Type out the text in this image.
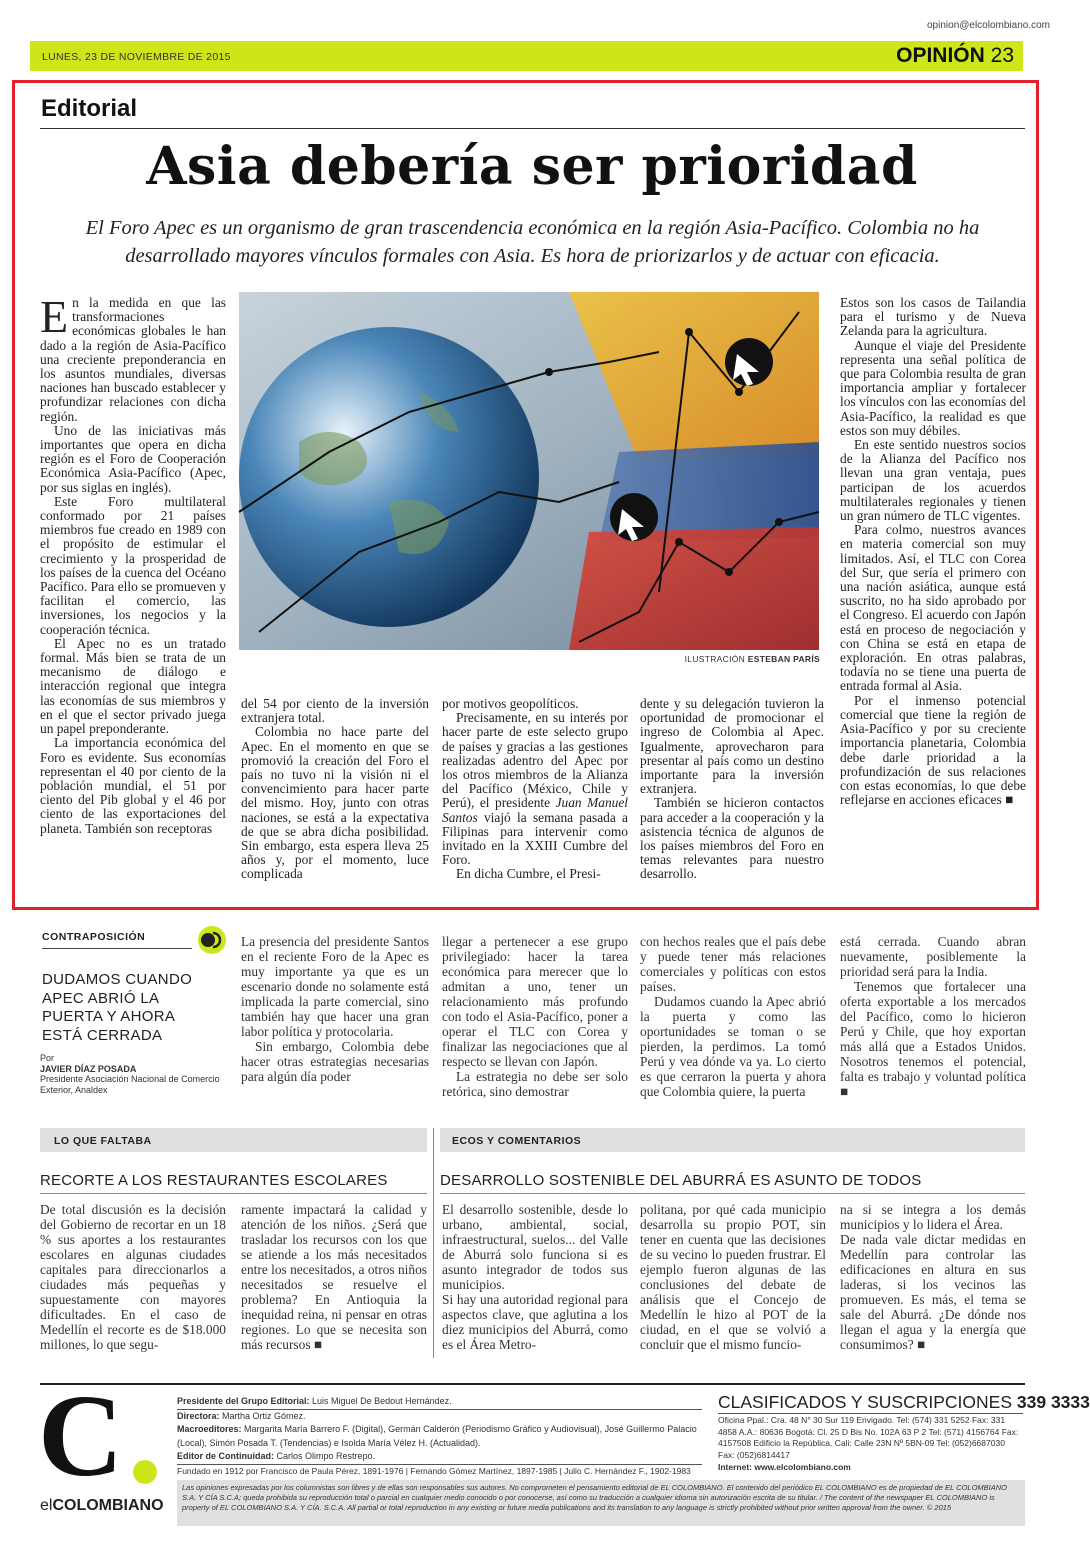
opinion@elcolombiano.com
LUNES, 23 DE NOVIEMBRE DE 2015	OPINIÓN 23
Editorial
Asia debería ser prioridad
El Foro Apec es un organismo de gran trascendencia económica en la región Asia-Pacífico. Colombia no ha desarrollado mayores vínculos formales con Asia. Es hora de priorizarlos y de actuar con eficacia.

En la medida en que las transformaciones económicas globales le han dado a la región de Asia-Pacífico una creciente preponderancia en los asuntos mundiales, diversas naciones han buscado establecer y profundizar relaciones con dicha región.

Uno de las iniciativas más importantes que opera en dicha región es el Foro de Cooperación Económica Asia-Pacífico (Apec, por sus siglas en inglés).

Este Foro multilateral conformado por 21 países miembros fue creado en 1989 con el propósito de estimular el crecimiento y la prosperidad de los países de la cuenca del Océano Pacífico. Para ello se promueven y facilitan el comercio, las inversiones, los negocios y la cooperación técnica.

El Apec no es un tratado formal. Más bien se trata de un mecanismo de diálogo e interacción regional que integra las economías de sus miembros y en el que el sector privado juega un papel preponderante.

La importancia económica del Foro es evidente. Sus economías representan el 40 por ciento de la población mundial, el 51 por ciento del Pib global y el 46 por ciento de las exportaciones del planeta. También son receptoras

ILUSTRACIÓN ESTEBAN PARÍS

del 54 por ciento de la inversión extranjera total.

Colombia no hace parte del Apec. En el momento en que se promovió la creación del Foro el país no tuvo ni la visión ni el convencimiento para hacer parte del mismo. Hoy, junto con otras naciones, se está a la expectativa de que se abra dicha posibilidad. Sin embargo, esta espera lleva 25 años y, por el momento, luce complicada

por motivos geopolíticos.

Precisamente, en su interés por hacer parte de este selecto grupo de países y gracias a las gestiones realizadas adentro del Apec por los otros miembros de la Alianza del Pacífico (México, Chile y Perú), el presidente Juan Manuel Santos viajó la semana pasada a Filipinas para intervenir como invitado en la XXIII Cumbre del Foro.

En dicha Cumbre, el Presi-

dente y su delegación tuvieron la oportunidad de promocionar el ingreso de Colombia al Apec. Igualmente, aprovecharon para presentar al país como un destino importante para la inversión extranjera.

También se hicieron contactos para acceder a la cooperación y la asistencia técnica de algunos de los países miembros del Foro en temas relevantes para nuestro desarrollo.

Estos son los casos de Tailandia para el turismo y de Nueva Zelanda para la agricultura.

Aunque el viaje del Presidente representa una señal política de que para Colombia resulta de gran importancia ampliar y fortalecer los vínculos con las economías del Asia-Pacífico, la realidad es que estos son muy débiles.

En este sentido nuestros socios de la Alianza del Pacífico nos llevan una gran ventaja, pues participan de los acuerdos multilaterales regionales y tienen un gran número de TLC vigentes.

Para colmo, nuestros avances en materia comercial son muy limitados. Así, el TLC con Corea del Sur, que sería el primero con una nación asiática, aunque está suscrito, no ha sido aprobado por el Congreso. El acuerdo con Japón está en proceso de negociación y con China se está en etapa de exploración. En otras palabras, todavía no se tiene una puerta de entrada formal al Asia.

Por el inmenso potencial comercial que tiene la región de Asia-Pacífico y por su creciente importancia planetaria, Colombia debe darle prioridad a la profundización de sus relaciones con estas economías, lo que debe reflejarse en acciones eficaces ■

CONTRAPOSICIÓN
DUDAMOS CUANDO APEC ABRIÓ LA PUERTA Y AHORA ESTÁ CERRADA
Por
JAVIER DÍAZ POSADA
Presidente Asociación Nacional de Comercio Exterior, Analdex

La presencia del presidente Santos en el reciente Foro de la Apec es muy importante ya que es un escenario donde no solamente está implicada la parte comercial, sino también hay que hacer una gran labor política y protocolaria.

Sin embargo, Colombia debe hacer otras estrategias necesarias para algún día poder

llegar a pertenecer a ese grupo privilegiado: hacer la tarea económica para merecer que lo admitan a uno, tener un relacionamiento más profundo con todo el Asia-Pacífico, poner a operar el TLC con Corea y finalizar las negociaciones que al respecto se llevan con Japón.

La estrategia no debe ser solo retórica, sino demostrar

con hechos reales que el país debe y puede tener más relaciones comerciales y políticas con estos países.

Dudamos cuando la Apec abrió la puerta y como las oportunidades se toman o se pierden, la perdimos. La tomó Perú y vea dónde va ya. Lo cierto es que cerraron la puerta y ahora que Colombia quiere, la puerta

está cerrada. Cuando abran nuevamente, posiblemente la prioridad será para la India.

Tenemos que fortalecer una oferta exportable a los mercados del Pacífico, como lo hicieron Perú y Chile, que hoy exportan más allá que a Estados Unidos. Nosotros tenemos el potencial, falta es trabajo y voluntad política ■

LO QUE FALTABA
RECORTE A LOS RESTAURANTES ESCOLARES

De total discusión es la decisión del Gobierno de recortar en un 18 % sus aportes a los restaurantes escolares en algunas ciudades capitales para direccionarlos a ciudades más pequeñas y supuestamente con mayores dificultades. En el caso de Medellín el recorte es de $18.000 millones, lo que segu-

ramente impactará la calidad y atención de los niños. ¿Será que trasladar los recursos con los que se atiende a los más necesitados entre los necesitados, a otros niños necesitados se resuelve el problema? En Antioquia la inequidad reina, ni pensar en otras regiones. Lo que se necesita son más recursos ■

ECOS Y COMENTARIOS
DESARROLLO SOSTENIBLE DEL ABURRÁ ES ASUNTO DE TODOS

El desarrollo sostenible, desde lo urbano, ambiental, social, infraestructural, suelos... del Valle de Aburrá solo funciona si es asunto integrador de todos sus municipios.

Si hay una autoridad regional para aspectos clave, que aglutina a los diez municipios del Aburrá, como es el Área Metro-

politana, por qué cada municipio desarrolla su propio POT, sin tener en cuenta que las decisiones de su vecino lo pueden frustrar. El ejemplo fueron algunas de las conclusiones del debate de análisis que el Concejo de Medellín le hizo al POT de la ciudad, en el que se volvió a concluir que el mismo funcio-

na si se integra a los demás municipios y lo lidera el Área.

De nada vale dictar medidas en Medellín para controlar las edificaciones en altura en sus laderas, si los vecinos las promueven. Es más, el tema se sale del Aburrá. ¿De dónde nos llegan el agua y la energía que consumimos? ■

C
elCOLOMBIANO
Presidente del Grupo Editorial: Luis Miguel De Bedout Hernández.
Directora: Martha Ortiz Gómez.
Macroeditores: Margarita María Barrero F. (Digital), Germán Calderón (Periodismo Gráfico y Audiovisual), José Guillermo Palacio (Local), Simón Posada T. (Tendencias) e Isolda María Vélez H. (Actualidad).
Editor de Continuidad: Carlos Olimpo Restrepo.
Fundado en 1912 por Francisco de Paula Pérez, 1891-1976 | Fernando Gómez Martínez, 1897-1985 | Julio C. Hernández F., 1902-1983
CLASIFICADOS Y SUSCRIPCIONES 339 3333
Oficina Ppal.: Cra. 48 N° 30 Sur 119 Envigado. Tel: (574) 331 5252 Fax: 331 4858 A.A.: 80636 Bogotá: Cl. 25 D Bis No. 102A 63 P 2 Tel: (571) 4156764 Fax: 4157508 Edificio la República. Cali: Calle 23N Nº 5BN-09 Tel: (052)6687030 Fax: (052)6814417
Internet: www.elcolombiano.com
Las opiniones expresadas por los columnistas son libres y de ellas son responsables sus autores. No comprometen el pensamiento editorial de EL COLOMBIANO. El contenido del periódico EL COLOMBIANO es de propiedad de EL COLOMBIANO S.A. Y CÍA S.C.A; queda prohibida su reproducción total o parcial en cualquier medio conocido o por conocerse, así como su traducción a cualquier idioma sin autorización escrita de su titular. / The content of the newspaper EL COLOMBIANO is property of EL COLOMBIANO S.A. Y CÍA. S.C.A. All partial or total reproduction in any existing or future media publications and its translation to any language is strictly prohibited without prior written approval from the owner. © 2015
